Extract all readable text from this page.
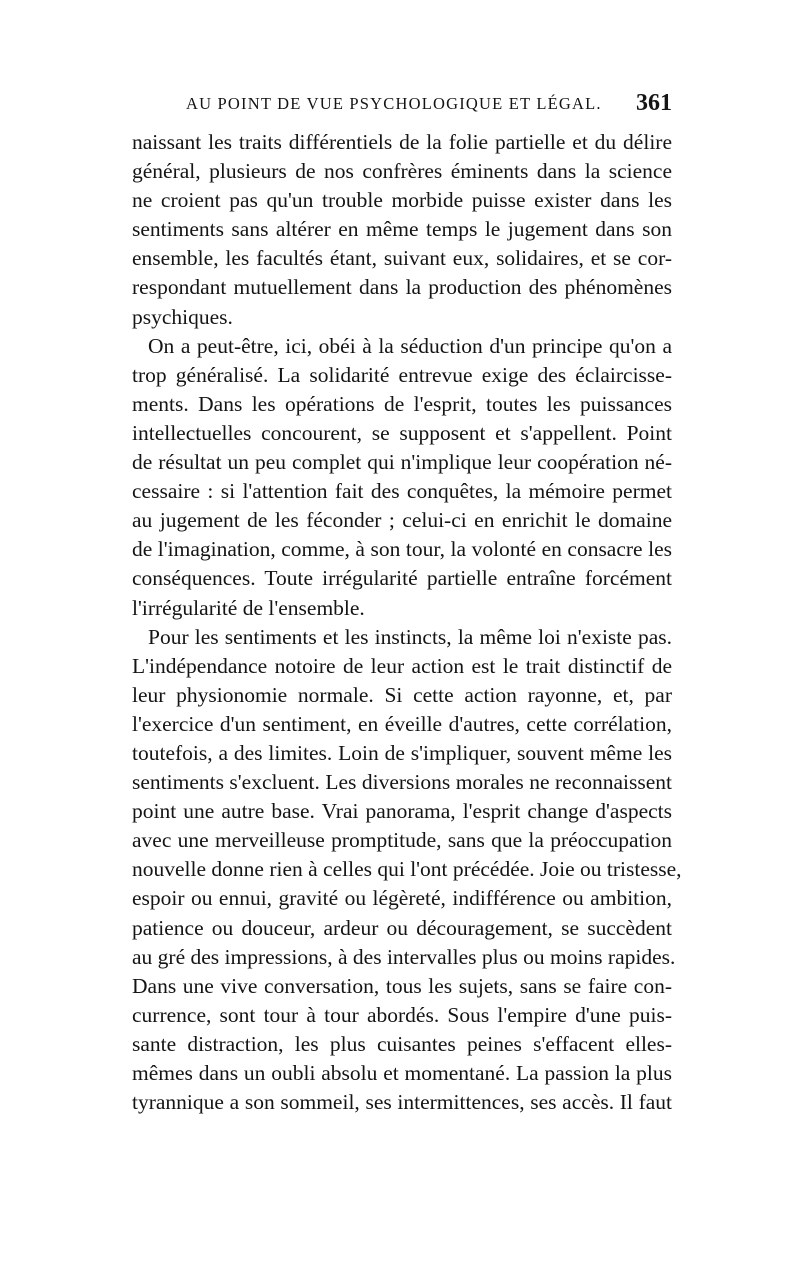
AU POINT DE VUE PSYCHOLOGIQUE ET LÉGAL. 361
naissant les traits différentiels de la folie partielle et du délire
général, plusieurs de nos confrères éminents dans la science
ne croient pas qu'un trouble morbide puisse exister dans les
sentiments sans altérer en même temps le jugement dans son
ensemble, les facultés étant, suivant eux, solidaires, et se cor-
respondant mutuellement dans la production des phénomènes
psychiques.
On a peut-être, ici, obéi à la séduction d'un principe qu'on a
trop généralisé. La solidarité entrevue exige des éclaircisse-
ments. Dans les opérations de l'esprit, toutes les puissances
intellectuelles concourent, se supposent et s'appellent. Point
de résultat un peu complet qui n'implique leur coopération né-
cessaire : si l'attention fait des conquêtes, la mémoire permet
au jugement de les féconder ; celui-ci en enrichit le domaine
de l'imagination, comme, à son tour, la volonté en consacre les
conséquences. Toute irrégularité partielle entraîne forcément
l'irrégularité de l'ensemble.
Pour les sentiments et les instincts, la même loi n'existe pas.
L'indépendance notoire de leur action est le trait distinctif de
leur physionomie normale. Si cette action rayonne, et, par
l'exercice d'un sentiment, en éveille d'autres, cette corrélation,
toutefois, a des limites. Loin de s'impliquer, souvent même les
sentiments s'excluent. Les diversions morales ne reconnaissent
point une autre base. Vrai panorama, l'esprit change d'aspects
avec une merveilleuse promptitude, sans que la préoccupation
nouvelle donne rien à celles qui l'ont précédée. Joie ou tristesse,
espoir ou ennui, gravité ou légèreté, indifférence ou ambition,
patience ou douceur, ardeur ou découragement, se succèdent
au gré des impressions, à des intervalles plus ou moins rapides.
Dans une vive conversation, tous les sujets, sans se faire con-
currence, sont tour à tour abordés. Sous l'empire d'une puis-
sante distraction, les plus cuisantes peines s'effacent elles-
mêmes dans un oubli absolu et momentané. La passion la plus
tyrannique a son sommeil, ses intermittences, ses accès. Il faut
